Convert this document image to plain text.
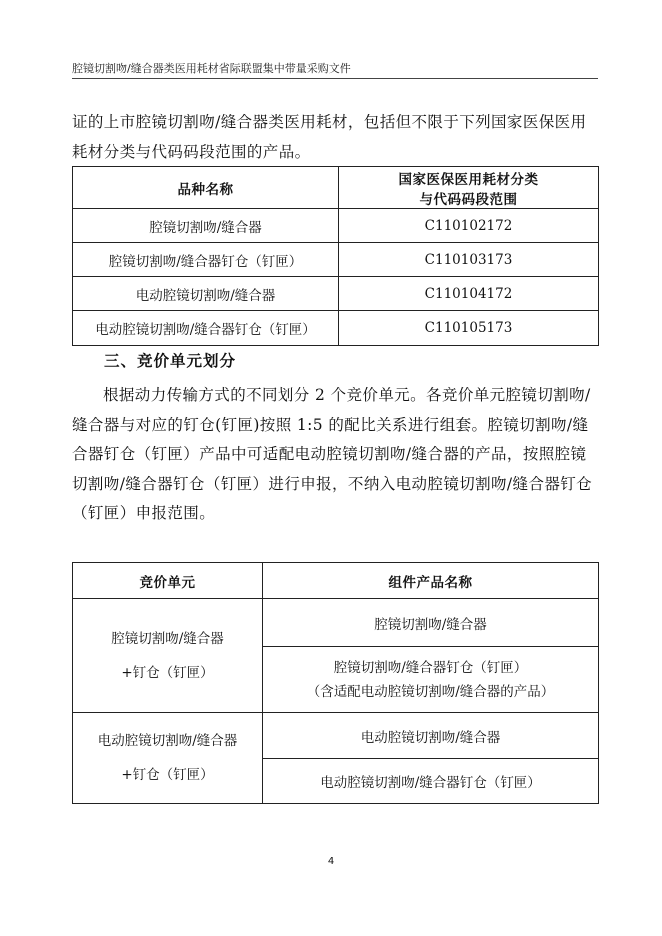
腔镜切割吻/缝合器类医用耗材省际联盟集中带量采购文件

证的上市腔镜切割吻/缝合器类医用耗材，包括但不限于下列国家医保医用耗材分类与代码码段范围的产品。

品种名称	国家医保医用耗材分类
与代码码段范围

腔镜切割吻/缝合器	C110102172
腔镜切割吻/缝合器钉仓（钉匣）	C110103173
电动腔镜切割吻/缝合器	C110104172
电动腔镜切割吻/缝合器钉仓（钉匣）	C110105173
三、竞价单元划分

根据动力传输方式的不同划分 2 个竞价单元。各竞价单元腔镜切割吻/缝合器与对应的钉仓(钉匣)按照 1:5 的配比关系进行组套。腔镜切割吻/缝合器钉仓（钉匣）产品中可适配电动腔镜切割吻/缝合器的产品，按照腔镜切割吻/缝合器钉仓（钉匣）进行申报，不纳入电动腔镜切割吻/缝合器钉仓（钉匣）申报范围。

竞价单元	组件产品名称

腔镜切割吻/缝合器
+钉仓（钉匣）	腔镜切割吻/缝合器

	腔镜切割吻/缝合器钉仓（钉匣）
（含适配电动腔镜切割吻/缝合器的产品）

电动腔镜切割吻/缝合器
+钉仓（钉匣）	电动腔镜切割吻/缝合器
	电动腔镜切割吻/缝合器钉仓（钉匣）
4
